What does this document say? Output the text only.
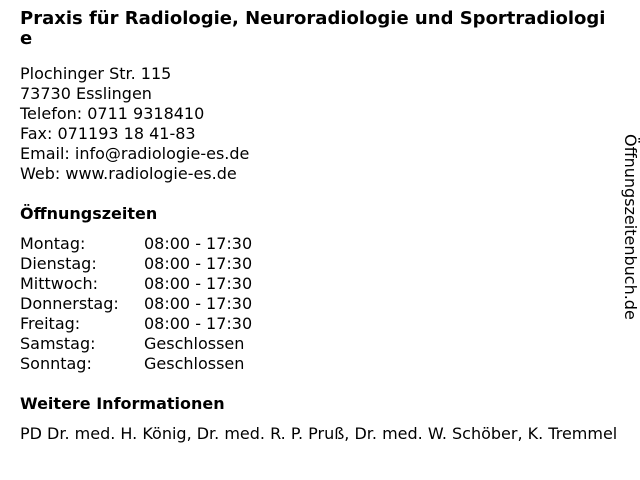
Praxis für Radiologie, Neuroradiologie und Sportradiologie
Plochinger Str. 115
73730 Esslingen
Telefon: 0711 9318410
Fax: 071193 18 41-83
Email: info@radiologie-es.de
Web: www.radiologie-es.de
Öffnungszeiten
Montag:	08:00 - 17:30
Dienstag:	08:00 - 17:30
Mittwoch:	08:00 - 17:30
Donnerstag:	08:00 - 17:30
Freitag:	08:00 - 17:30
Samstag:	Geschlossen
Sonntag:	Geschlossen
Weitere Informationen
PD Dr. med. H. König, Dr. med. R. P. Pruß, Dr. med. W. Schöber, K. Tremmel
Öffnungszeitenbuch.de
